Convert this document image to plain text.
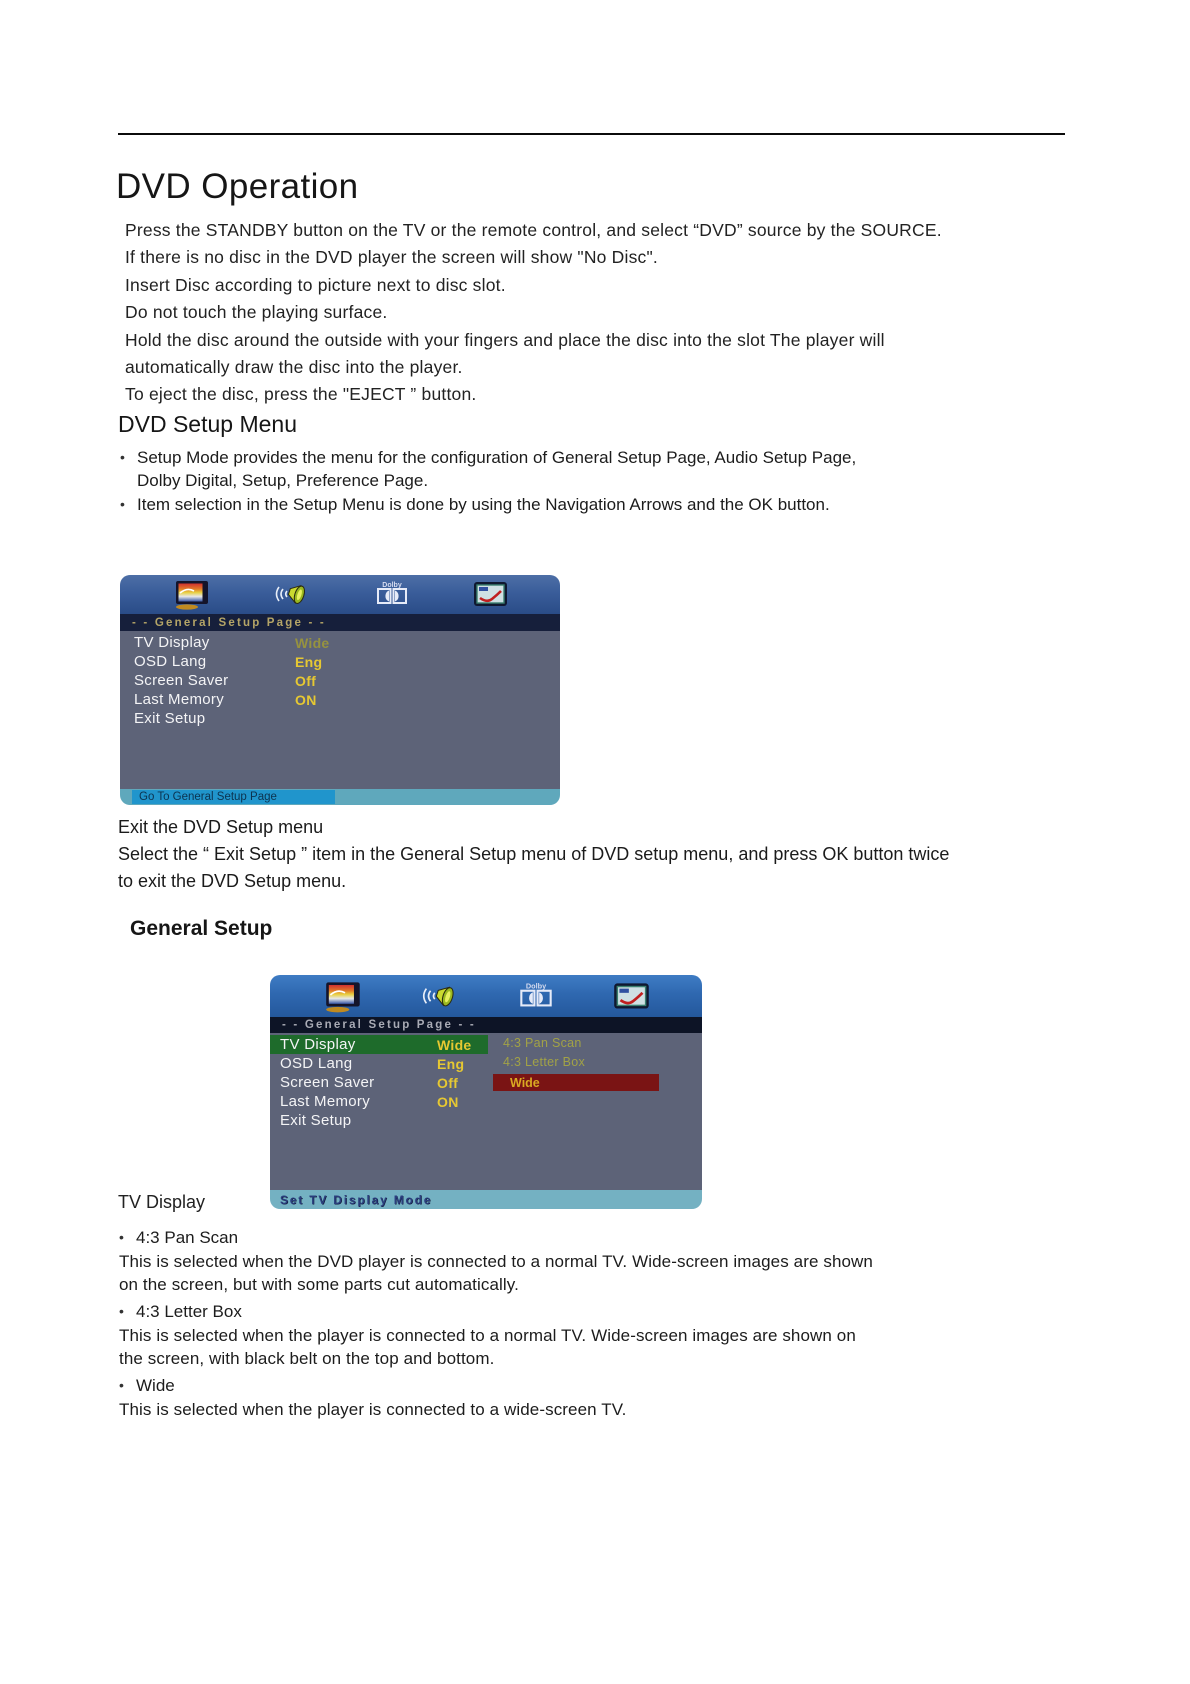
DVD Operation
Press the STANDBY button on the TV or the remote control, and select “DVD” source by the SOURCE.
If there is no disc in the DVD player the screen will show "No Disc".
Insert Disc according to picture next to disc slot.
Do not touch the playing surface.
Hold the disc around the outside with your fingers and place the disc into the slot The player will
automatically draw the disc into the player.
To eject the disc, press the "EJECT ” button.
DVD Setup Menu
• Setup Mode provides the menu for the configuration of General Setup Page, Audio Setup Page,
Dolby Digital, Setup, Preference Page.
• Item selection in the Setup Menu is done by using the Navigation Arrows and the OK button.
Dolby
- - General Setup Page - -
TV Display	Wide
OSD Lang	Eng
Screen Saver	Off
Last Memory	ON
Exit Setup
Go To General Setup Page
Exit the DVD Setup menu
Select the “ Exit Setup ” item in the General Setup menu of DVD setup menu, and press OK button twice
to exit the DVD Setup menu.
General Setup
Dolby
- - General Setup Page - -
TV Display	Wide
OSD Lang	Eng
Screen Saver	Off
Last Memory	ON
Exit Setup
4:3 Pan Scan
4:3 Letter Box
Wide
Set TV Display Mode
TV Display
• 4:3 Pan Scan
This is selected when the DVD player is connected to a normal TV. Wide-screen images are shown
on the screen, but with some parts cut automatically.
• 4:3 Letter Box
This is selected when the player is connected to a normal TV. Wide-screen images are shown on
the screen, with black belt on the top and bottom.
• Wide
This is selected when the player is connected to a wide-screen TV.
